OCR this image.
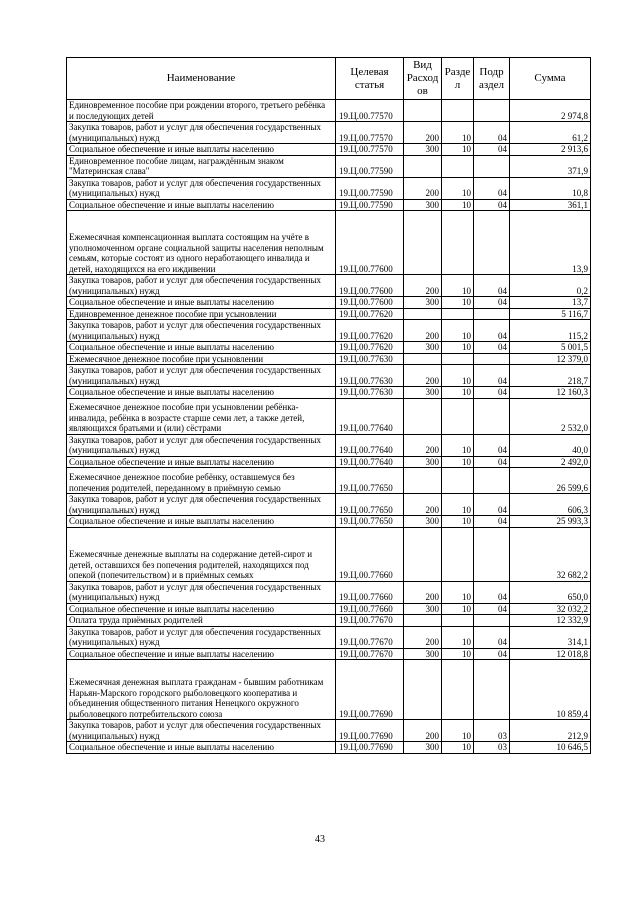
Наименование	Целевая статья	Вид Расход ов	Разде л	Подр аздел	Сумма
Единовременное пособие при рождении второго, третьего ребёнка и последующих детей	19.Ц.00.77570				2 974,8
Закупка товаров, работ и услуг для обеспечения государственных (муниципальных) нужд	19.Ц.00.77570	200	10	04	61,2
Социальное обеспечение и иные выплаты населению	19.Ц.00.77570	300	10	04	2 913,6
Единовременное пособие лицам, награждённым знаком "Материнская слава"	19.Ц.00.77590				371,9
Закупка товаров, работ и услуг для обеспечения государственных (муниципальных) нужд	19.Ц.00.77590	200	10	04	10,8
Социальное обеспечение и иные выплаты населению	19.Ц.00.77590	300	10	04	361,1
Ежемесячная компенсационная выплата состоящим на учёте в уполномоченном органе социальной защиты населения неполным семьям, которые состоят из одного неработающего инвалида и детей, находящихся на его иждивении	19.Ц.00.77600				13,9
Закупка товаров, работ и услуг для обеспечения государственных (муниципальных) нужд	19.Ц.00.77600	200	10	04	0,2
Социальное обеспечение и иные выплаты населению	19.Ц.00.77600	300	10	04	13,7
Единовременное денежное пособие при усыновлении	19.Ц.00.77620				5 116,7
Закупка товаров, работ и услуг для обеспечения государственных (муниципальных) нужд	19.Ц.00.77620	200	10	04	115,2
Социальное обеспечение и иные выплаты населению	19.Ц.00.77620	300	10	04	5 001,5
Ежемесячное денежное пособие при усыновлении	19.Ц.00.77630				12 379,0
Закупка товаров, работ и услуг для обеспечения государственных (муниципальных) нужд	19.Ц.00.77630	200	10	04	218,7
Социальное обеспечение и иные выплаты населению	19.Ц.00.77630	300	10	04	12 160,3
Ежемесячное денежное пособие при усыновлении ребёнка-инвалида, ребёнка в возрасте старше семи лет, а также детей, являющихся братьями и (или) сёстрами	19.Ц.00.77640				2 532,0
Закупка товаров, работ и услуг для обеспечения государственных (муниципальных) нужд	19.Ц.00.77640	200	10	04	40,0
Социальное обеспечение и иные выплаты населению	19.Ц.00.77640	300	10	04	2 492,0
Ежемесячное денежное пособие ребёнку, оставшемуся без попечения родителей, переданному в приёмную семью	19.Ц.00.77650				26 599,6
Закупка товаров, работ и услуг для обеспечения государственных (муниципальных) нужд	19.Ц.00.77650	200	10	04	606,3
Социальное обеспечение и иные выплаты населению	19.Ц.00.77650	300	10	04	25 993,3
Ежемесячные денежные выплаты на содержание детей-сирот и детей, оставшихся без попечения родителей, находящихся под опекой (попечительством) и в приёмных семьях	19.Ц.00.77660				32 682,2
Закупка товаров, работ и услуг для обеспечения государственных (муниципальных) нужд	19.Ц.00.77660	200	10	04	650,0
Социальное обеспечение и иные выплаты населению	19.Ц.00.77660	300	10	04	32 032,2
Оплата труда приёмных родителей	19.Ц.00.77670				12 332,9
Закупка товаров, работ и услуг для обеспечения государственных (муниципальных) нужд	19.Ц.00.77670	200	10	04	314,1
Социальное обеспечение и иные выплаты населению	19.Ц.00.77670	300	10	04	12 018,8
Ежемесячная денежная выплата гражданам - бывшим работникам Нарьян-Марского городского рыболовецкого кооператива и объединения общественного питания Ненецкого окружного рыболовецкого потребительского союза	19.Ц.00.77690				10 859,4
Закупка товаров, работ и услуг для обеспечения государственных (муниципальных) нужд	19.Ц.00.77690	200	10	03	212,9
Социальное обеспечение и иные выплаты населению	19.Ц.00.77690	300	10	03	10 646,5
43
